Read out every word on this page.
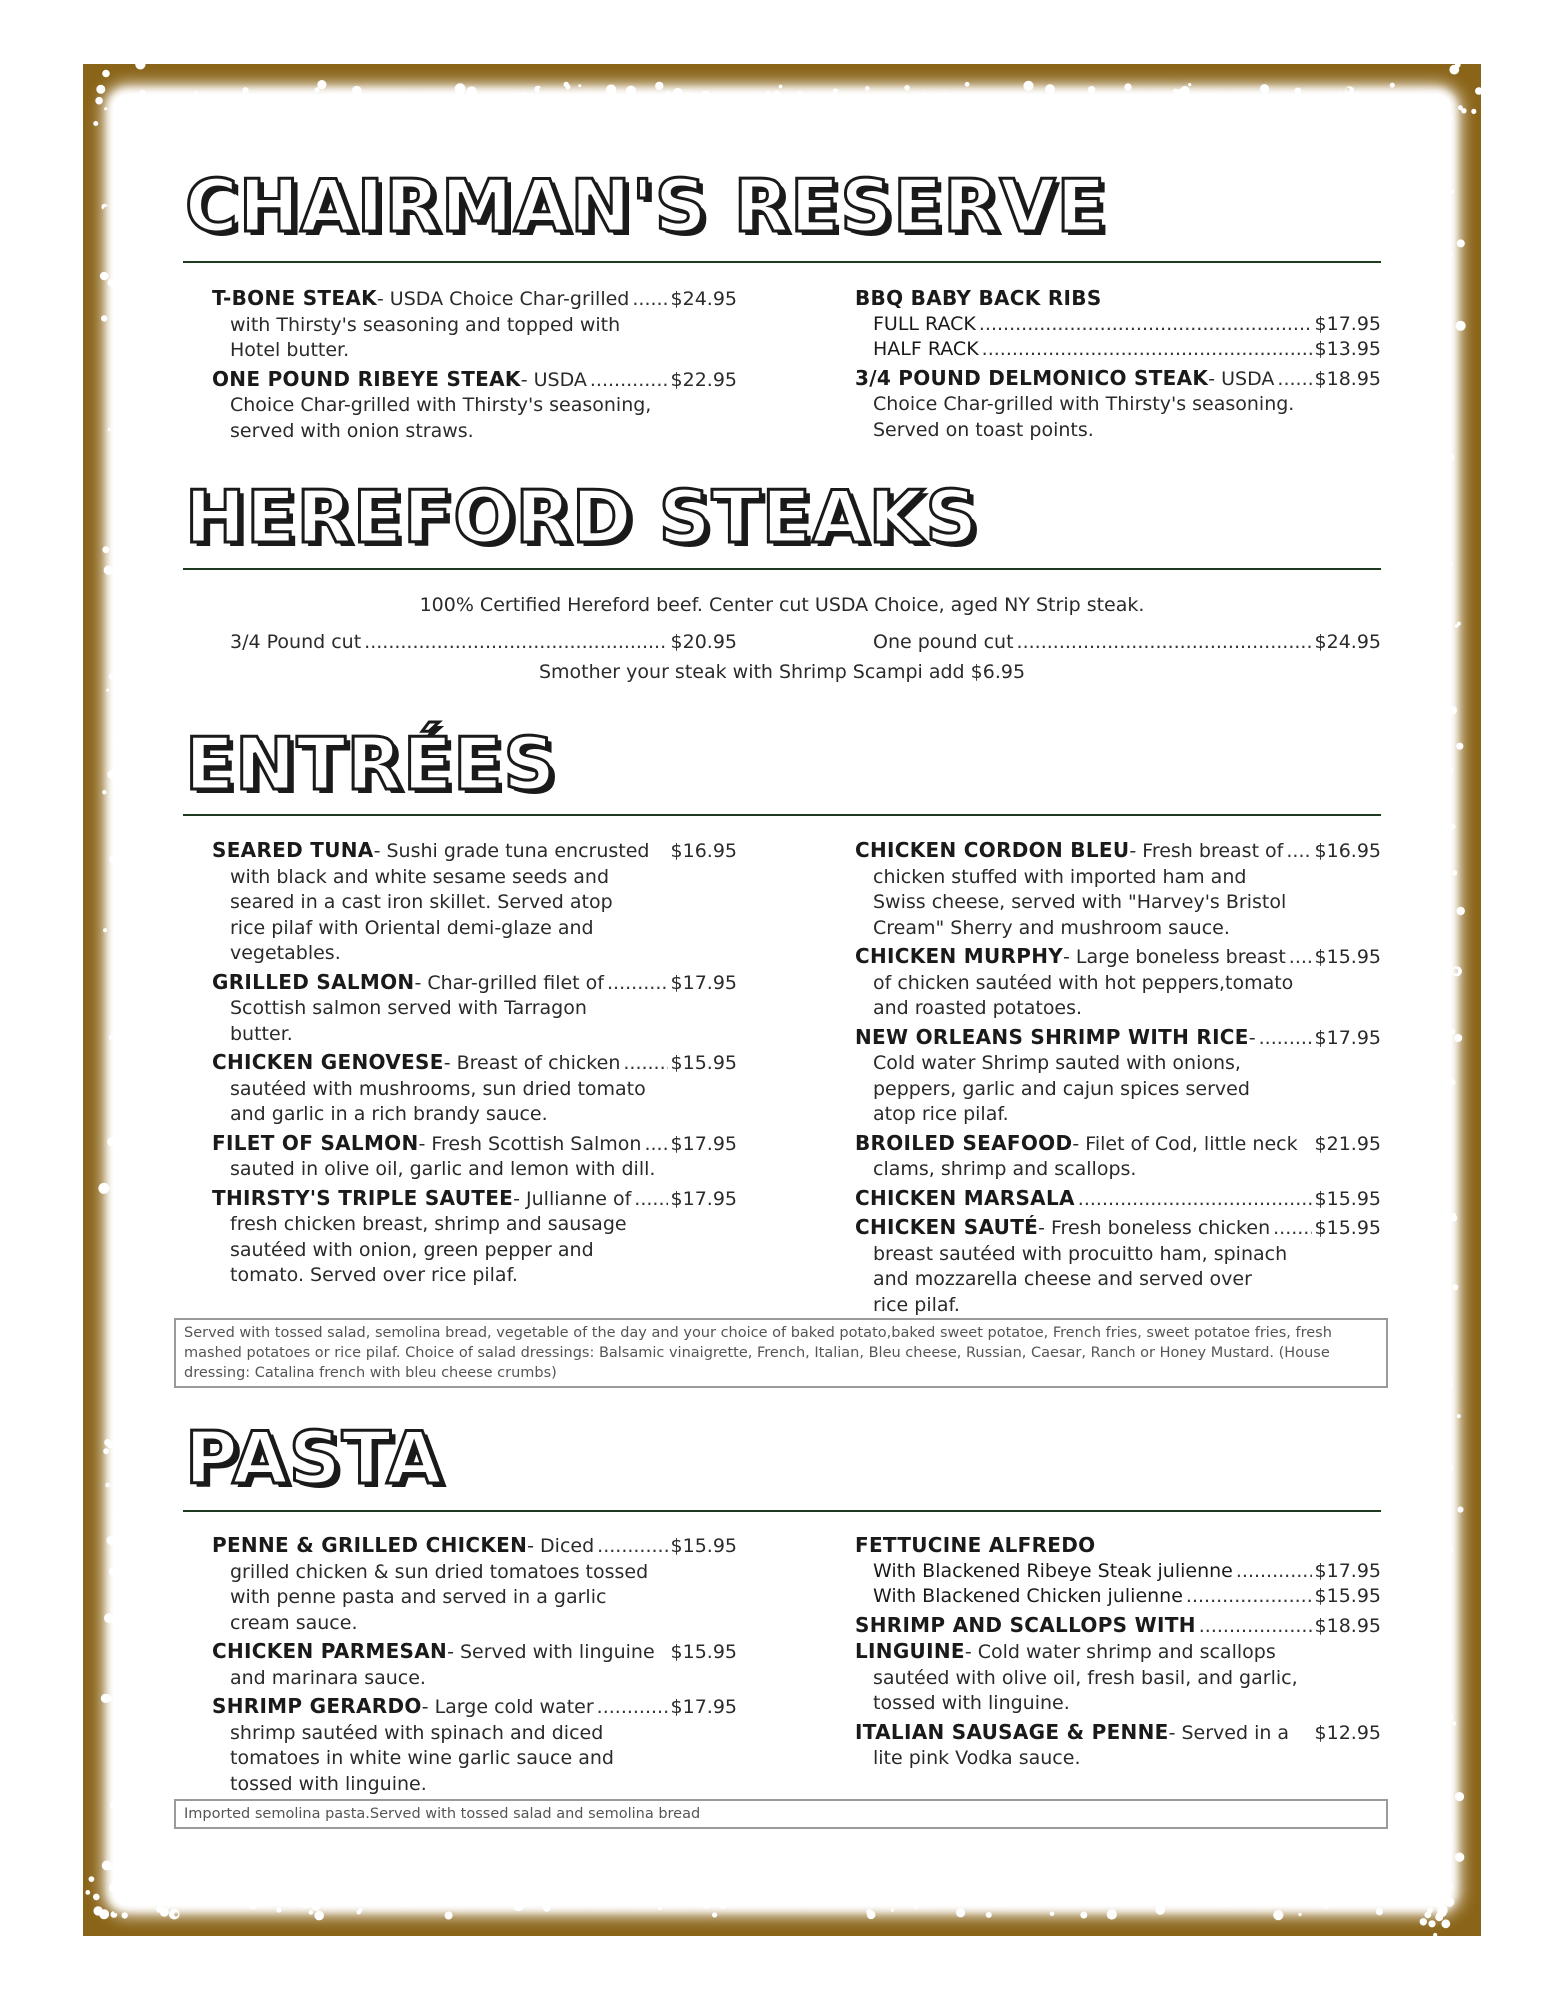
CHAIRMAN'S RESERVE
T-BONE STEAK - USDA Choice Char-grilled ..... $24.95
with Thirsty's seasoning and topped with
Hotel butter.
ONE POUND RIBEYE STEAK - USDA .....	$22.95
Choice Char-grilled with Thirsty's seasoning,
served with onion straws.
BBQ BABY BACK RIBS
FULL RACK .....	$17.95
HALF RACK .....	$13.95
3/4 POUND DELMONICO STEAK - USDA ..... $18.95
Choice Char-grilled with Thirsty's seasoning.
Served on toast points.
HEREFORD STEAKS
100% Certified Hereford beef. Center cut USDA Choice, aged NY Strip steak.
3/4 Pound cut .....	$20.95	One pound cut .....	$24.95
Smother your steak with Shrimp Scampi add $6.95
ENTRÉES
SEARED TUNA - Sushi grade tuna encrusted $16.95
with black and white sesame seeds and
seared in a cast iron skillet. Served atop
rice pilaf with Oriental demi-glaze and
vegetables.
GRILLED SALMON - Char-grilled filet of .....	$17.95
Scottish salmon served with Tarragon
butter.
CHICKEN GENOVESE - Breast of chicken .....	$15.95
sautéed with mushrooms, sun dried tomato
and garlic in a rich brandy sauce.
FILET OF SALMON - Fresh Scottish Salmon ..... $17.95
sauted in olive oil, garlic and lemon with dill.
THIRSTY'S TRIPLE SAUTEE - Jullianne of ..... $17.95
fresh chicken breast, shrimp and sausage
sautéed with onion, green pepper and
tomato. Served over rice pilaf.
CHICKEN CORDON BLEU - Fresh breast of ..... $16.95
chicken stuffed with imported ham and
Swiss cheese, served with "Harvey's Bristol
Cream" Sherry and mushroom sauce.
CHICKEN MURPHY - Large boneless breast ..... $15.95
of chicken sautéed with hot peppers,tomato
and roasted potatoes.
NEW ORLEANS SHRIMP WITH RICE - .....	$17.95
Cold water Shrimp sauted with onions,
peppers, garlic and cajun spices served
atop rice pilaf.
BROILED SEAFOOD - Filet of Cod, little neck $21.95
clams, shrimp and scallops.
CHICKEN MARSALA .....	$15.95
CHICKEN SAUTÉ - Fresh boneless chicken ..... $15.95
breast sautéed with procuitto ham, spinach
and mozzarella cheese and served over
rice pilaf.
Served with tossed salad, semolina bread, vegetable of the day and your choice of baked potato,baked sweet potatoe, French fries, sweet potatoe fries, fresh mashed potatoes or rice pilaf. Choice of salad dressings: Balsamic vinaigrette, French, Italian, Bleu cheese, Russian, Caesar, Ranch or Honey Mustard. (House dressing: Catalina french with bleu cheese crumbs)
PASTA
PENNE & GRILLED CHICKEN - Diced .....	$15.95
grilled chicken & sun dried tomatoes tossed
with penne pasta and served in a garlic
cream sauce.
CHICKEN PARMESAN - Served with linguine $15.95
and marinara sauce.
SHRIMP GERARDO - Large cold water .....	$17.95
shrimp sautéed with spinach and diced
tomatoes in white wine garlic sauce and
tossed with linguine.
FETTUCINE ALFREDO
With Blackened Ribeye Steak julienne .....	$17.95
With Blackened Chicken julienne .....	$15.95
SHRIMP AND SCALLOPS WITH .....	$18.95
LINGUINE - Cold water shrimp and scallops
sautéed with olive oil, fresh basil, and garlic,
tossed with linguine.
ITALIAN SAUSAGE & PENNE - Served in a $12.95
lite pink Vodka sauce.
Imported semolina pasta.Served with tossed salad and semolina bread
